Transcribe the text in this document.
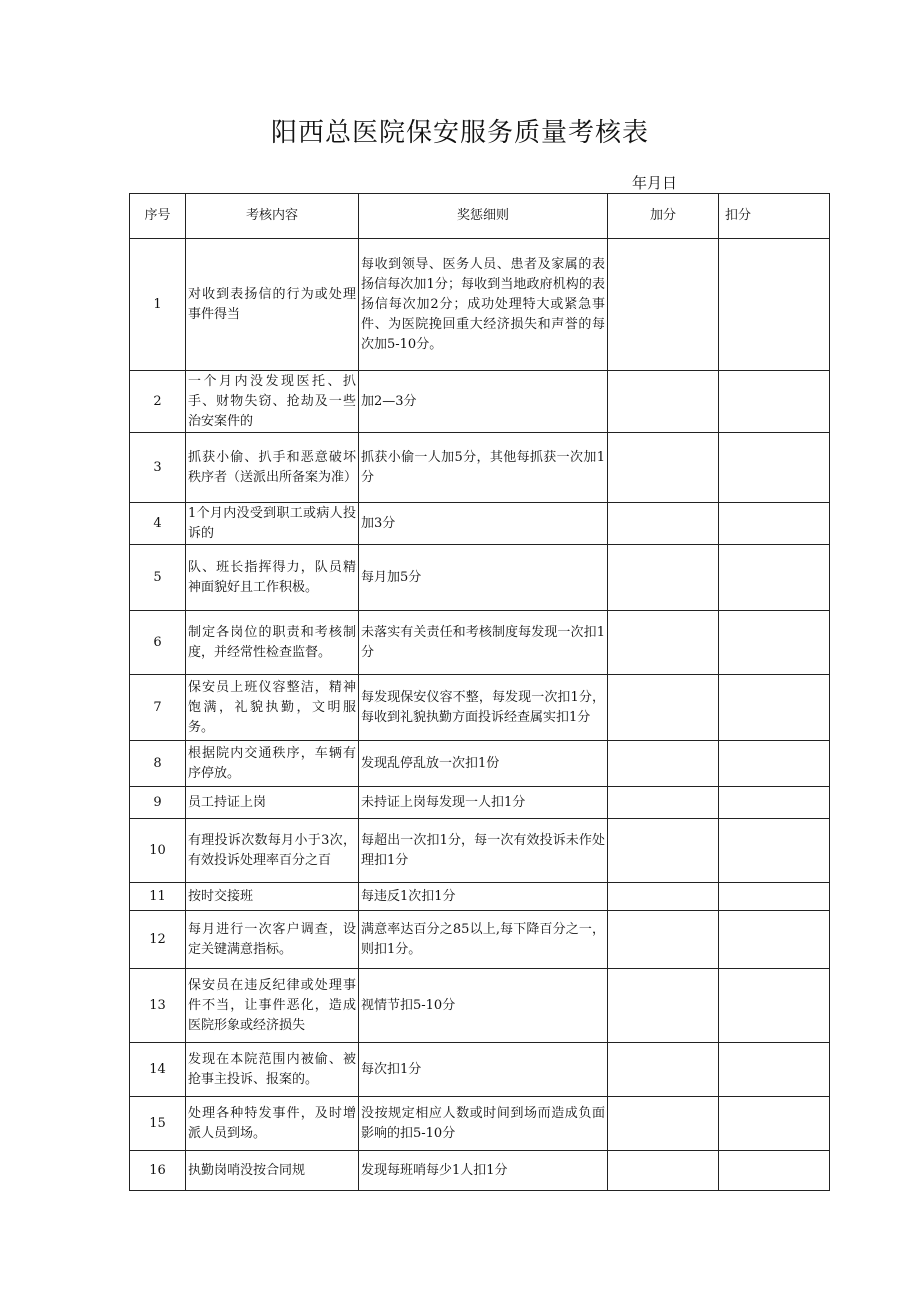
阳西总医院保安服务质量考核表
年月日
序号	考核内容	奖惩细则	加分	扣分
1	对收到表扬信的行为或处理事件得当	每收到领导、医务人员、患者及家属的表扬信每次加1分；每收到当地政府机构的表扬信每次加2分；成功处理特大或紧急事件、为医院挽回重大经济损失和声誉的每次加5-10分。		
2	一个月内没发现医托、扒手、财物失窃、抢劫及一些治安案件的	加2—3分		
3	抓获小偷、扒手和恶意破坏秩序者（送派出所备案为准）	抓获小偷一人加5分，其他每抓获一次加1分		
4	1个月内没受到职工或病人投诉的	加3分		
5	队、班长指挥得力，队员精神面貌好且工作积极。	每月加5分		
6	制定各岗位的职责和考核制度，并经常性检查监督。	未落实有关责任和考核制度每发现一次扣1分		
7	保安员上班仪容整洁，精神饱满，礼貌执勤，文明服务。	每发现保安仪容不整，每发现一次扣1分，每收到礼貌执勤方面投诉经查属实扣1分		
8	根据院内交通秩序，车辆有序停放。	发现乱停乱放一次扣1份		
9	员工持证上岗	未持证上岗每发现一人扣1分		
10	有理投诉次数每月小于3次，有效投诉处理率百分之百	每超出一次扣1分，每一次有效投诉未作处理扣1分		
11	按时交接班	每违反1次扣1分		
12	每月进行一次客户调查，设定关键满意指标。	满意率达百分之85以上,每下降百分之一，则扣1分。		
13	保安员在违反纪律或处理事件不当，让事件恶化，造成医院形象或经济损失	视情节扣5-10分		
14	发现在本院范围内被偷、被抢事主投诉、报案的。	每次扣1分		
15	处理各种特发事件，及时增派人员到场。	没按规定相应人数或时间到场而造成负面影响的扣5-10分		
16	执勤岗哨没按合同规	发现每班哨每少1人扣1分		
